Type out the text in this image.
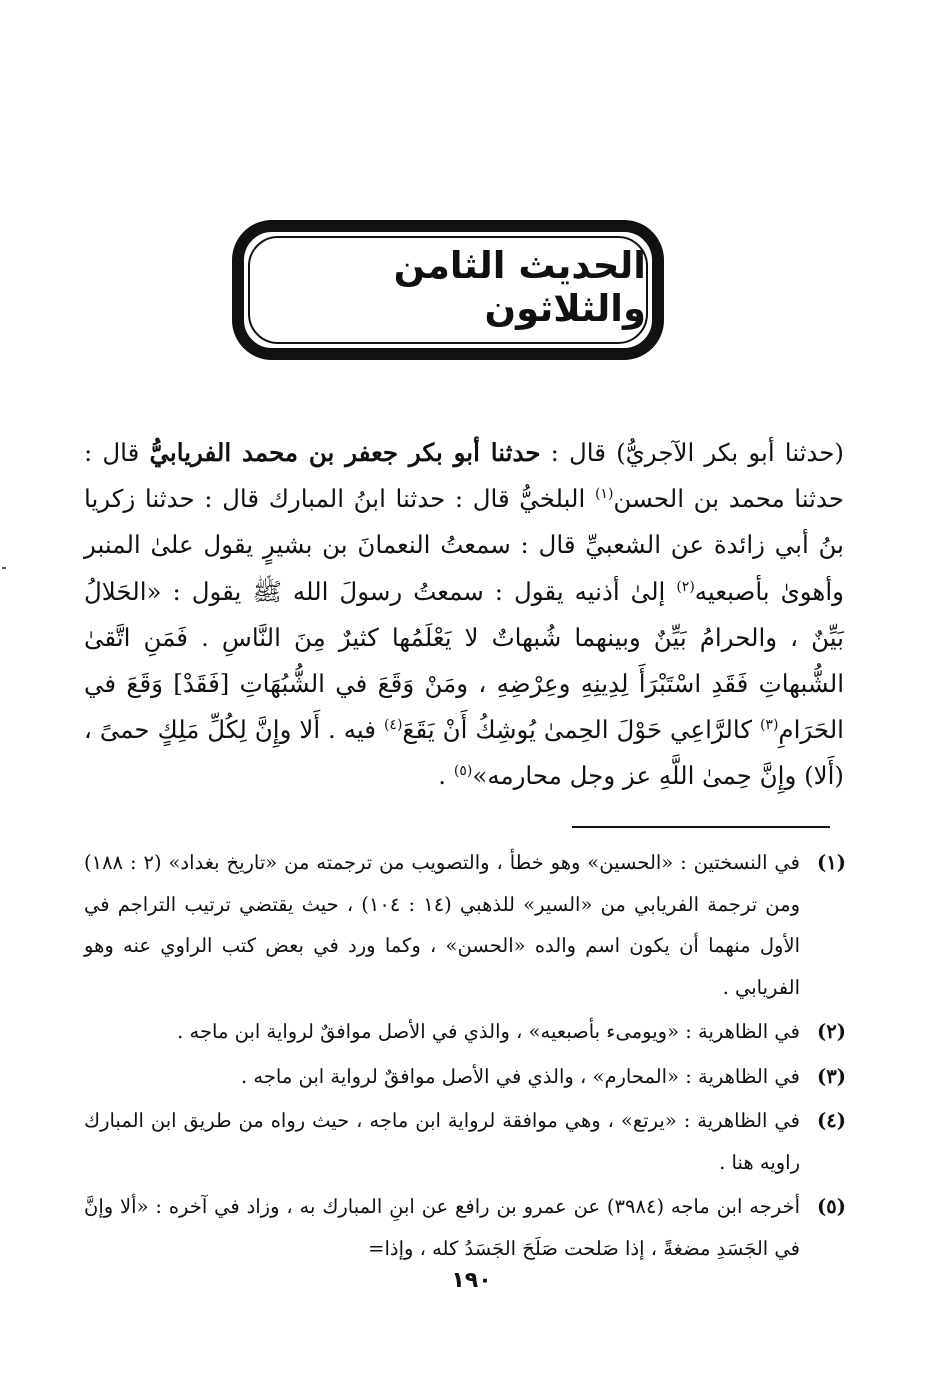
الحديث الثامن والثلاثون

(حدثنا أبو بكر الآجريُّ) قال : حدثنا أبو بكر جعفر بن محمد الفريابيُّ قال : حدثنا محمد بن الحسن$^{(١)}$ البلخيُّ قال : حدثنا ابنُ المبارك قال : حدثنا زكريا بنُ أبي زائدة عن الشعبيِّ قال : سمعتُ النعمانَ بن بشيرٍ يقول علىٰ المنبر وأهوىٰ بأصبعيه$^{(٢)}$ إلىٰ أذنيه يقول : سمعتُ رسولَ الله ﷺ يقول : «الحَلالُ بَيِّنٌ ، والحرامُ بَيِّنٌ وبينهما شُبهاتٌ لا يَعْلَمُها كثيرٌ مِنَ النَّاسِ . فَمَنِ اتَّقىٰ الشُّبهاتِ فَقَدِ اسْتَبْرَأَ لِدِينِهِ وعِرْضِهِ ، ومَنْ وَقَعَ في الشُّبُهَاتِ [فَقَدْ] وَقَعَ في الحَرَامِ$^{(٣)}$ كالرَّاعِي حَوْلَ الحِمىٰ يُوشِكُ أَنْ يَقَعَ$^{(٤)}$ فيه . أَلا وإِنَّ لِكُلِّ مَلِكٍ حمىً ، (أَلا) وإِنَّ حِمىٰ اللَّهِ عز وجل محارمه»$^{(٥)}$ .

(١)
في النسختين : «الحسين» وهو خطأ ، والتصويب من ترجمته من «تاريخ بغداد» (٢ : ١٨٨) ومن ترجمة الفريابي من «السير» للذهبي (١٤ : ١٠٤) ، حيث يقتضي ترتيب التراجم في الأول منهما أن يكون اسم والده «الحسن» ، وكما ورد في بعض كتب الراوي عنه وهو الفريابي .
(٢)
في الظاهرية : «ويومىء بأصبعيه» ، والذي في الأصل موافقٌ لرواية ابن ماجه .
(٣)
في الظاهرية : «المحارم» ، والذي في الأصل موافقٌ لرواية ابن ماجه .
(٤)
في الظاهرية : «يرتع» ، وهي موافقة لرواية ابن ماجه ، حيث رواه من طريق ابن المبارك راويه هنا .
(٥)
أخرجه ابن ماجه (٣٩٨٤) عن عمرو بن رافع عن ابنِ المبارك به ، وزاد في آخره : «ألا وإنَّ في الجَسَدِ مضغةً ، إذا صَلحت صَلَحَ الجَسَدُ كله ، وإذا=
١٩٠
